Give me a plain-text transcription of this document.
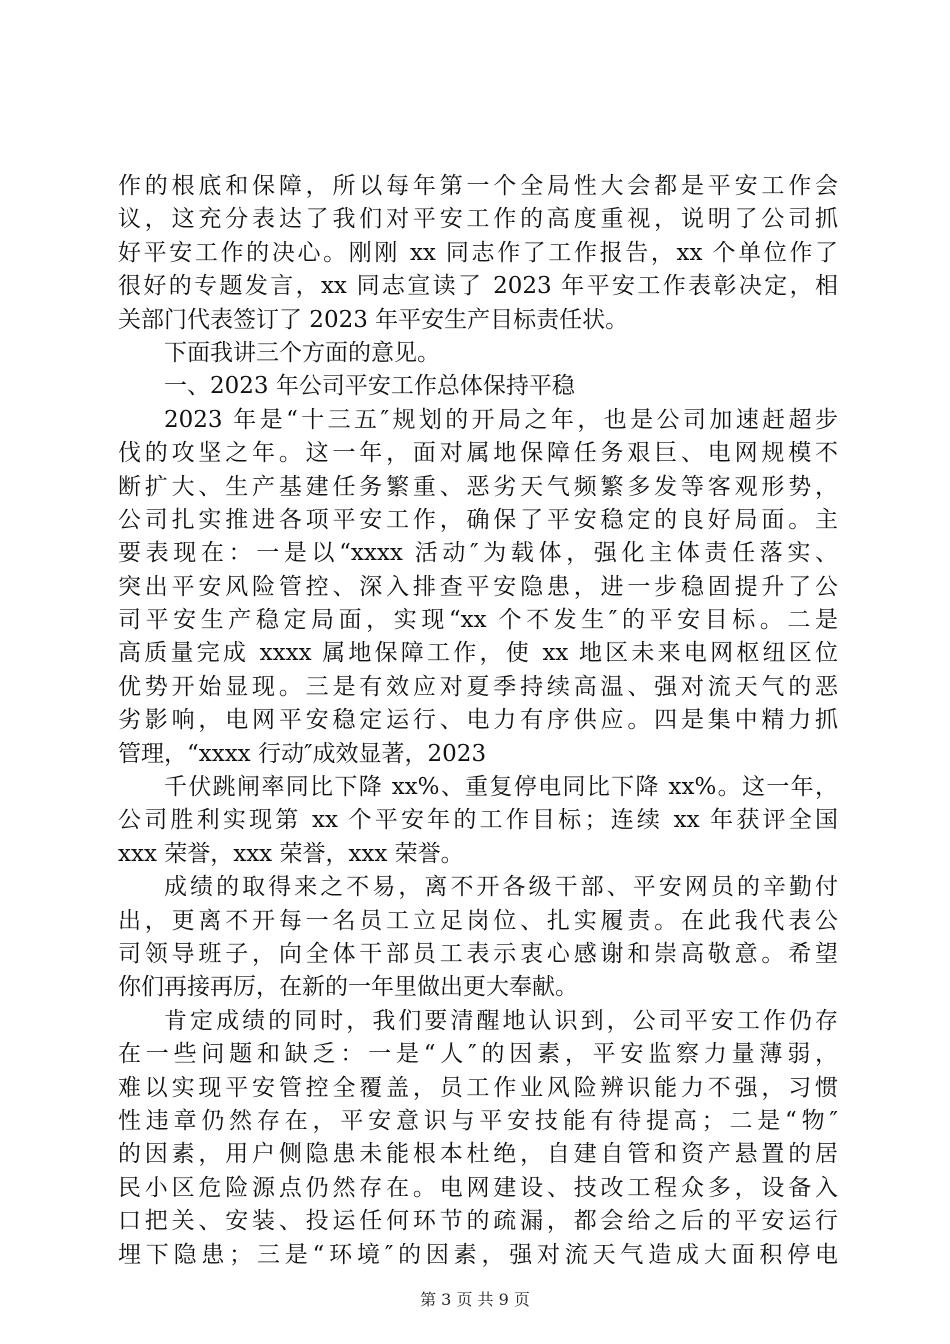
作的根底和保障，所以每年第一个全局性大会都是平安工作会
议，这充分表达了我们对平安工作的高度重视，说明了公司抓
好平安工作的决心。刚刚 xx 同志作了工作报告，xx 个单位作了
很好的专题发言，xx 同志宣读了 2023 年平安工作表彰决定，相
关部门代表签订了 2023 年平安生产目标责任状。
下面我讲三个方面的意见。
一、2023 年公司平安工作总体保持平稳
2023 年是“十三五″规划的开局之年，也是公司加速赶超步
伐的攻坚之年。这一年，面对属地保障任务艰巨、电网规模不
断扩大、生产基建任务繁重、恶劣天气频繁多发等客观形势，
公司扎实推进各项平安工作，确保了平安稳定的良好局面。主
要表现在：一是以“xxxx 活动″为载体，强化主体责任落实、
突出平安风险管控、深入排查平安隐患，进一步稳固提升了公
司平安生产稳定局面，实现“xx 个不发生″的平安目标。二是
高质量完成 xxxx 属地保障工作，使 xx 地区未来电网枢纽区位
优势开始显现。三是有效应对夏季持续高温、强对流天气的恶
劣影响，电网平安稳定运行、电力有序供应。四是集中精力抓
管理，“xxxx 行动″成效显著，2023
千伏跳闸率同比下降 xx%、重复停电同比下降 xx%。这一年，
公司胜利实现第 xx 个平安年的工作目标；连续 xx 年获评全国
xxx 荣誉，xxx 荣誉，xxx 荣誉。
成绩的取得来之不易，离不开各级干部、平安网员的辛勤付
出，更离不开每一名员工立足岗位、扎实履责。在此我代表公
司领导班子，向全体干部员工表示衷心感谢和崇高敬意。希望
你们再接再厉，在新的一年里做出更大奉献。
肯定成绩的同时，我们要清醒地认识到，公司平安工作仍存
在一些问题和缺乏：一是“人″的因素，平安监察力量薄弱，
难以实现平安管控全覆盖，员工作业风险辨识能力不强，习惯
性违章仍然存在，平安意识与平安技能有待提高；二是“物″
的因素，用户侧隐患未能根本杜绝，自建自管和资产悬置的居
民小区危险源点仍然存在。电网建设、技改工程众多，设备入
口把关、安装、投运任何环节的疏漏，都会给之后的平安运行
埋下隐患；三是“环境″的因素，强对流天气造成大面积停电
第 3 页 共 9 页
